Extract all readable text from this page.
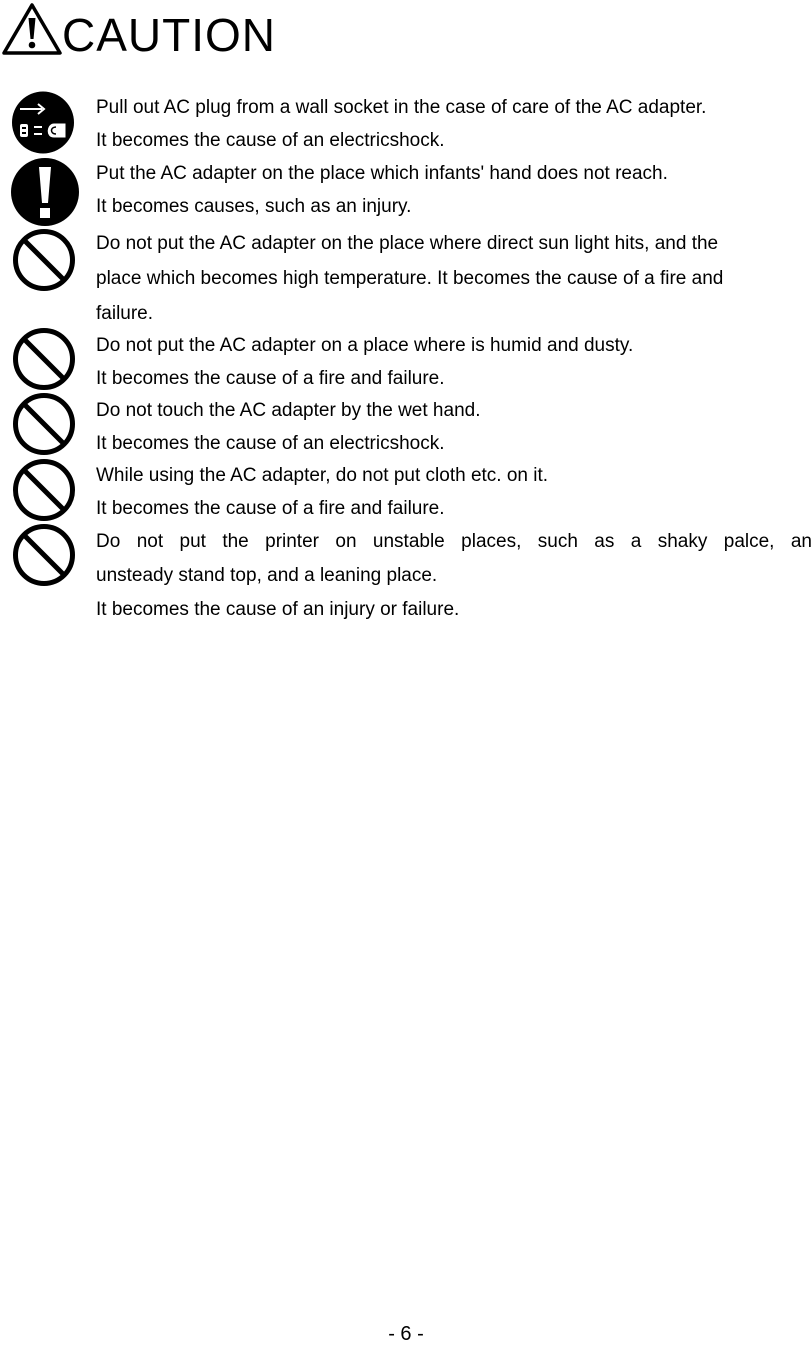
CAUTION

Pull out AC plug from a wall socket in the case of care of the AC adapter.
It becomes the cause of an electricshock.

Put the AC adapter on the place which infants' hand does not reach.
It becomes causes, such as an injury.

Do not put the AC adapter on the place where direct sun light hits, and the
place which becomes high temperature. It becomes the cause of a fire and
failure.

Do not put the AC adapter on a place where is humid and dusty.
It becomes the cause of a fire and failure.

Do not touch the AC adapter by the wet hand.
It becomes the cause of an electricshock.

While using the AC adapter, do not put cloth etc. on it.
It becomes the cause of a fire and failure.

Do not put the printer on unstable places, such as a shaky palce, an
unsteady stand top, and a leaning place.
It becomes the cause of an injury or failure.

- 6 -
